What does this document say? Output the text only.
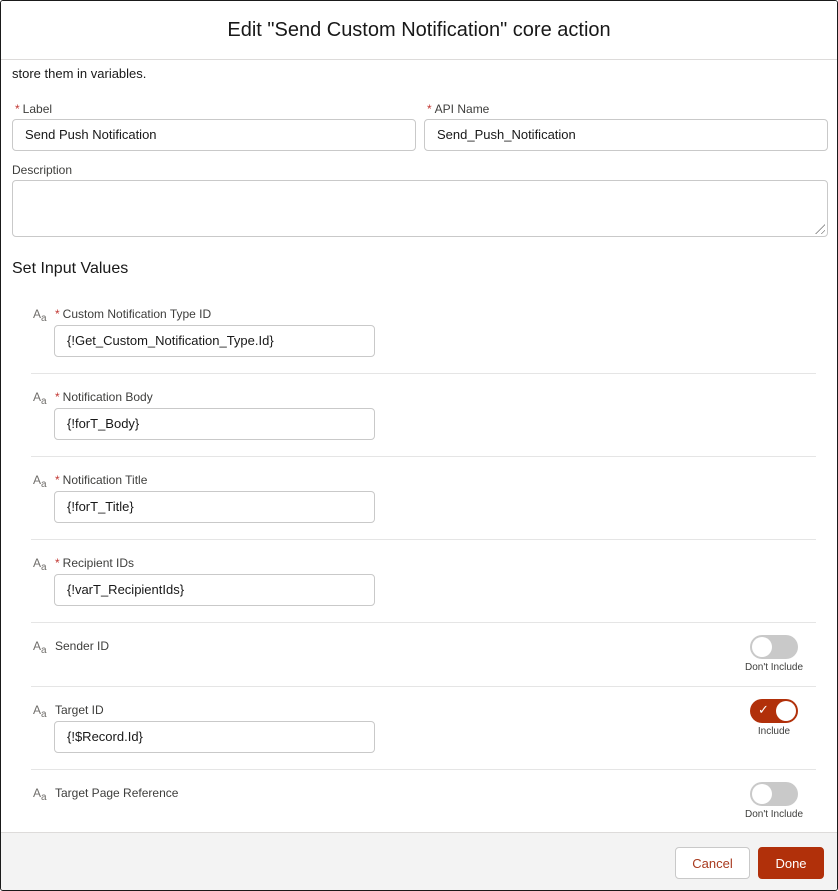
Edit "Send Custom Notification" core action
store them in variables.
* Label
Send Push Notification
* API Name
Send_Push_Notification
Description
Set Input Values
$A_a$ * Custom Notification Type ID
{!Get_Custom_Notification_Type.Id}
$A_a$ * Notification Body
{!forT_Body}
$A_a$ * Notification Title
{!forT_Title}
$A_a$ * Recipient IDs
{!varT_RecipientIds}
$A_a$ Sender ID
Don't Include
$A_a$ Target ID
{!$Record.Id}
✓
Include
$A_a$ Target Page Reference
Don't Include
Cancel	Done
